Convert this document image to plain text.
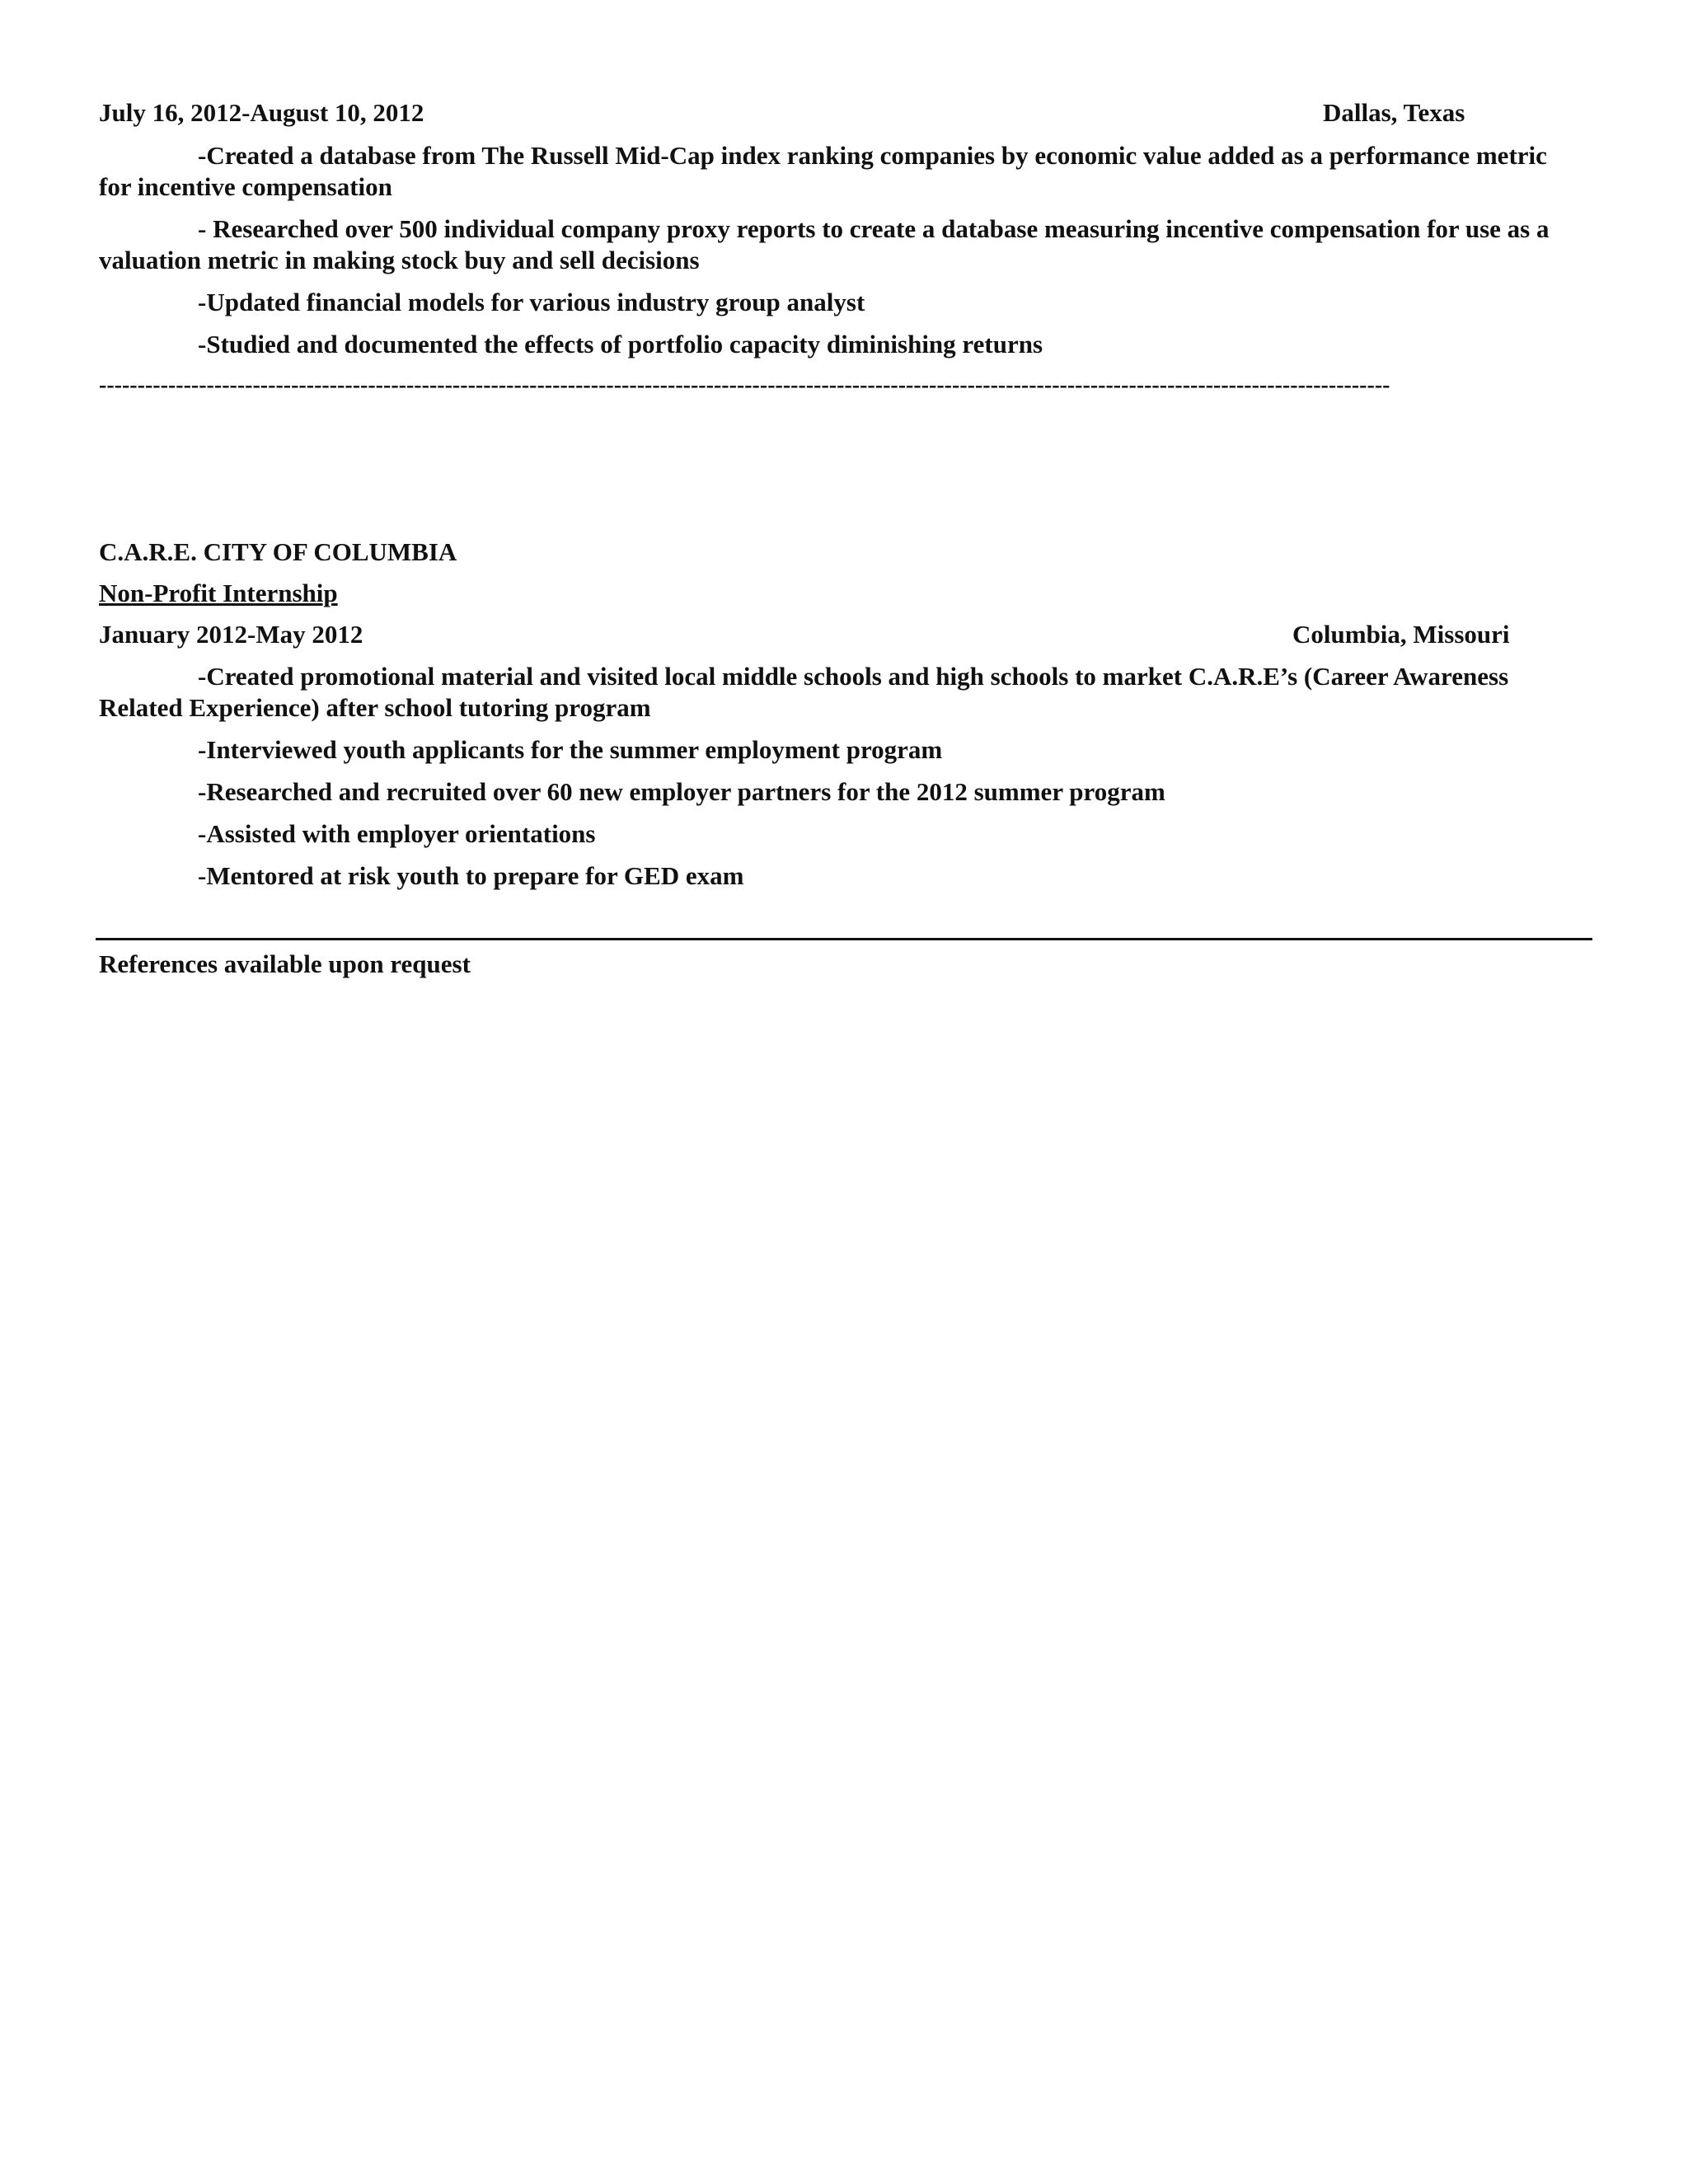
July 16, 2012-August 10, 2012	Dallas, Texas

-Created a database from The Russell Mid-Cap index ranking companies by economic value added as a performance metric for incentive compensation

- Researched over 500 individual company proxy reports to create a database measuring incentive compensation for use as a valuation metric in making stock buy and sell decisions

-Updated financial models for various industry group analyst

-Studied and documented the effects of portfolio capacity diminishing returns

------------------------------------------------------------------------------------------------------------------------------------------------------------------------
C.A.R.E. CITY OF COLUMBIA
Non-Profit Internship
January 2012-May 2012	Columbia, Missouri

-Created promotional material and visited local middle schools and high schools to market C.A.R.E’s (Career Awareness Related Experience) after school tutoring program

-Interviewed youth applicants for the summer employment program

-Researched and recruited over 60 new employer partners for the 2012 summer program

-Assisted with employer orientations

-Mentored at risk youth to prepare for GED exam

References available upon request
